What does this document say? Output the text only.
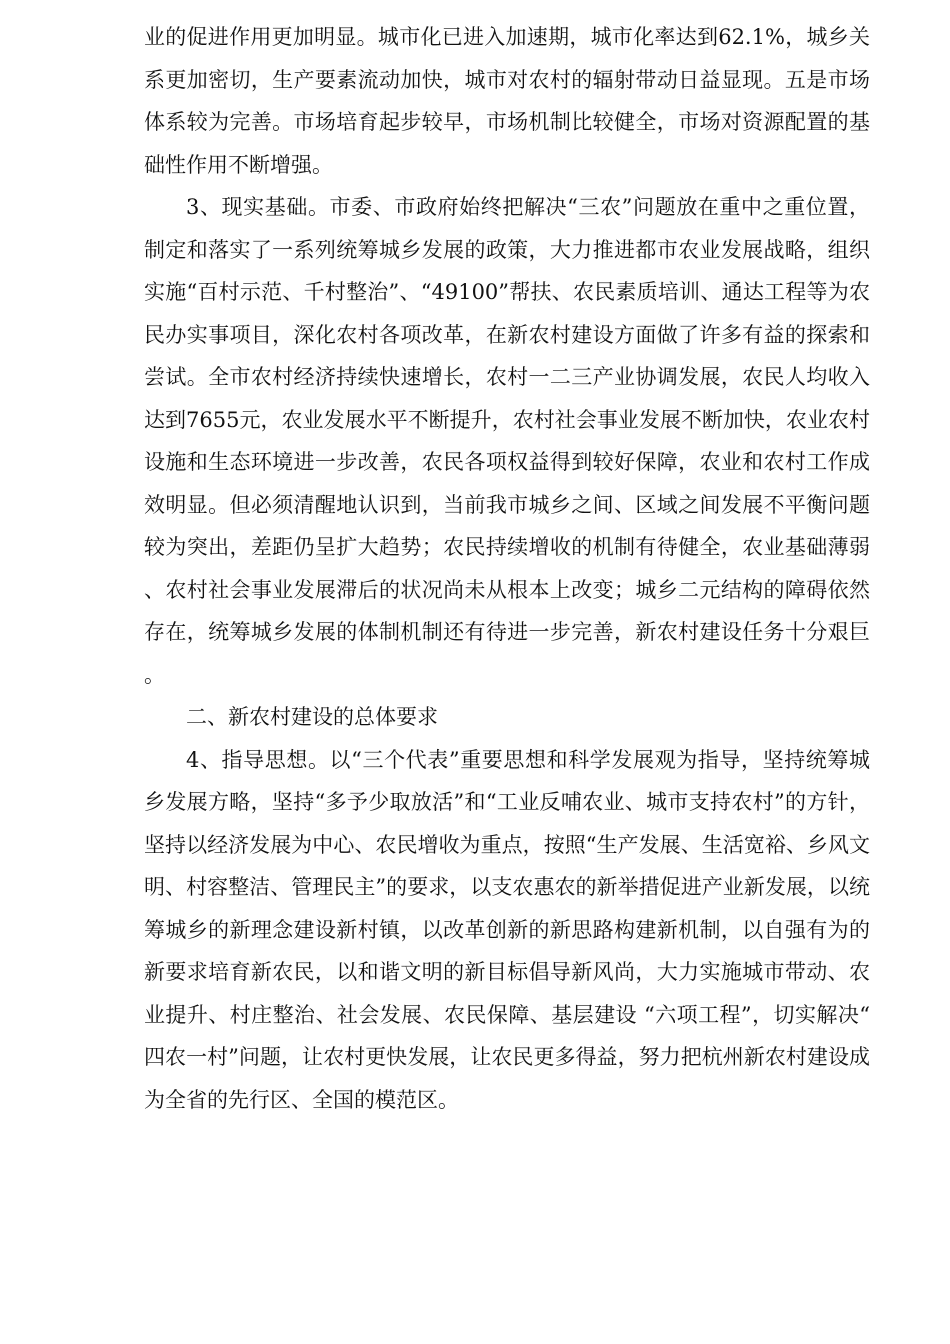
业的促进作用更加明显。城市化已进入加速期，城市化率达到62.1%，城乡关系更加密切，生产要素流动加快，城市对农村的辐射带动日益显现。五是市场体系较为完善。市场培育起步较早，市场机制比较健全，市场对资源配置的基础性作用不断增强。

3、现实基础。市委、市政府始终把解决“三农”问题放在重中之重位置，制定和落实了一系列统筹城乡发展的政策，大力推进都市农业发展战略，组织实施“百村示范、千村整治”、“49100”帮扶、农民素质培训、通达工程等为农民办实事项目，深化农村各项改革，在新农村建设方面做了许多有益的探索和尝试。全市农村经济持续快速增长，农村一二三产业协调发展，农民人均收入达到7655元，农业发展水平不断提升，农村社会事业发展不断加快，农业农村设施和生态环境进一步改善，农民各项权益得到较好保障，农业和农村工作成效明显。但必须清醒地认识到，当前我市城乡之间、区域之间发展不平衡问题较为突出，差距仍呈扩大趋势；农民持续增收的机制有待健全，农业基础薄弱、农村社会事业发展滞后的状况尚未从根本上改变；城乡二元结构的障碍依然存在，统筹城乡发展的体制机制还有待进一步完善，新农村建设任务十分艰巨。

二、新农村建设的总体要求

4、指导思想。以“三个代表”重要思想和科学发展观为指导，坚持统筹城乡发展方略，坚持“多予少取放活”和“工业反哺农业、城市支持农村”的方针，坚持以经济发展为中心、农民增收为重点，按照“生产发展、生活宽裕、乡风文明、村容整洁、管理民主”的要求，以支农惠农的新举措促进产业新发展，以统筹城乡的新理念建设新村镇，以改革创新的新思路构建新机制，以自强有为的新要求培育新农民，以和谐文明的新目标倡导新风尚，大力实施城市带动、农业提升、村庄整治、社会发展、农民保障、基层建设 “六项工程”，切实解决“四农一村”问题，让农村更快发展，让农民更多得益，努力把杭州新农村建设成为全省的先行区、全国的模范区。
